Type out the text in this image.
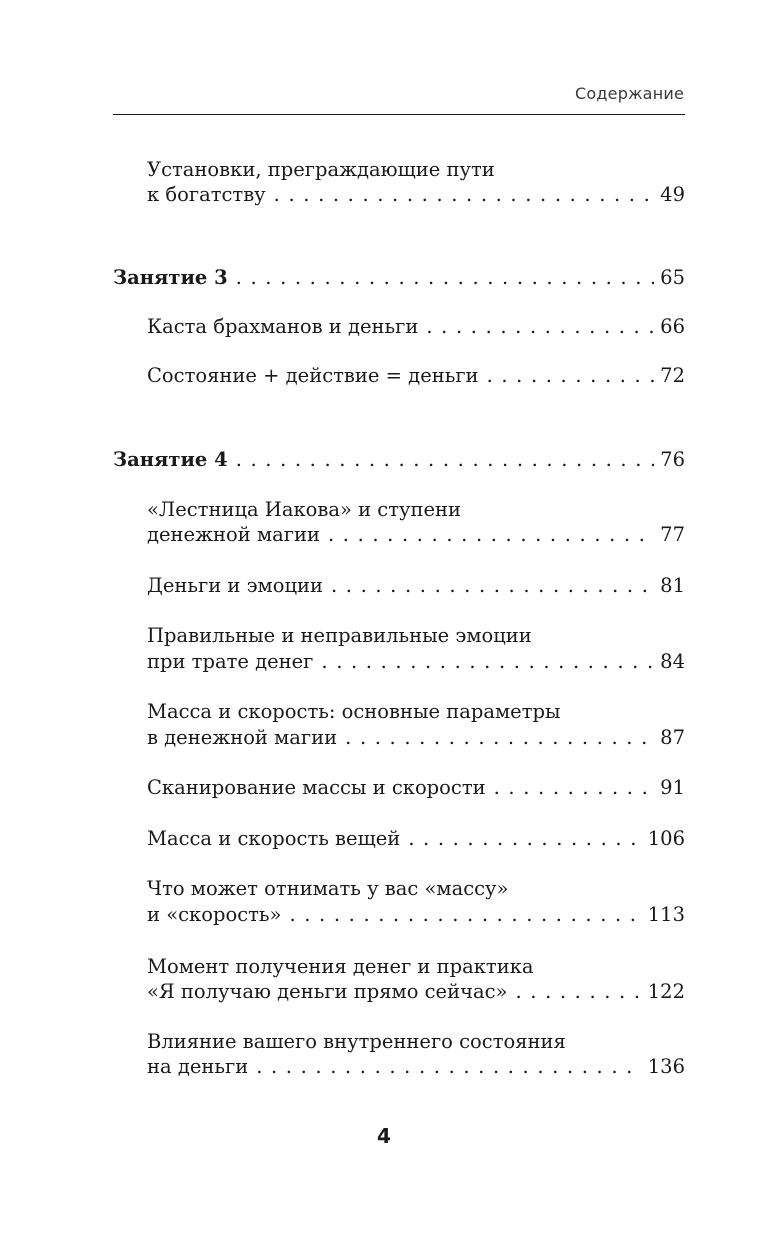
Содержание
Установки, преграждающие пути
к богатству . . .	49
Занятие 3 . . .	65
Каста брахманов и деньги . . .	66
Состояние + действие = деньги . . .	72
Занятие 4 . . .	76
«Лестница Иакова» и ступени
денежной магии . . .	77
Деньги и эмоции . . .	81
Правильные и неправильные эмоции
при трате денег . . .	84
Масса и скорость: основные параметры
в денежной магии . . .	87
Сканирование массы и скорости . . .	91
Масса и скорость вещей . . .	106
Что может отнимать у вас «массу»
и «скорость» . . .	113
Момент получения денег и практика
«Я получаю деньги прямо сейчас» . . .	122
Влияние вашего внутреннего состояния
на деньги . . .	136
4
